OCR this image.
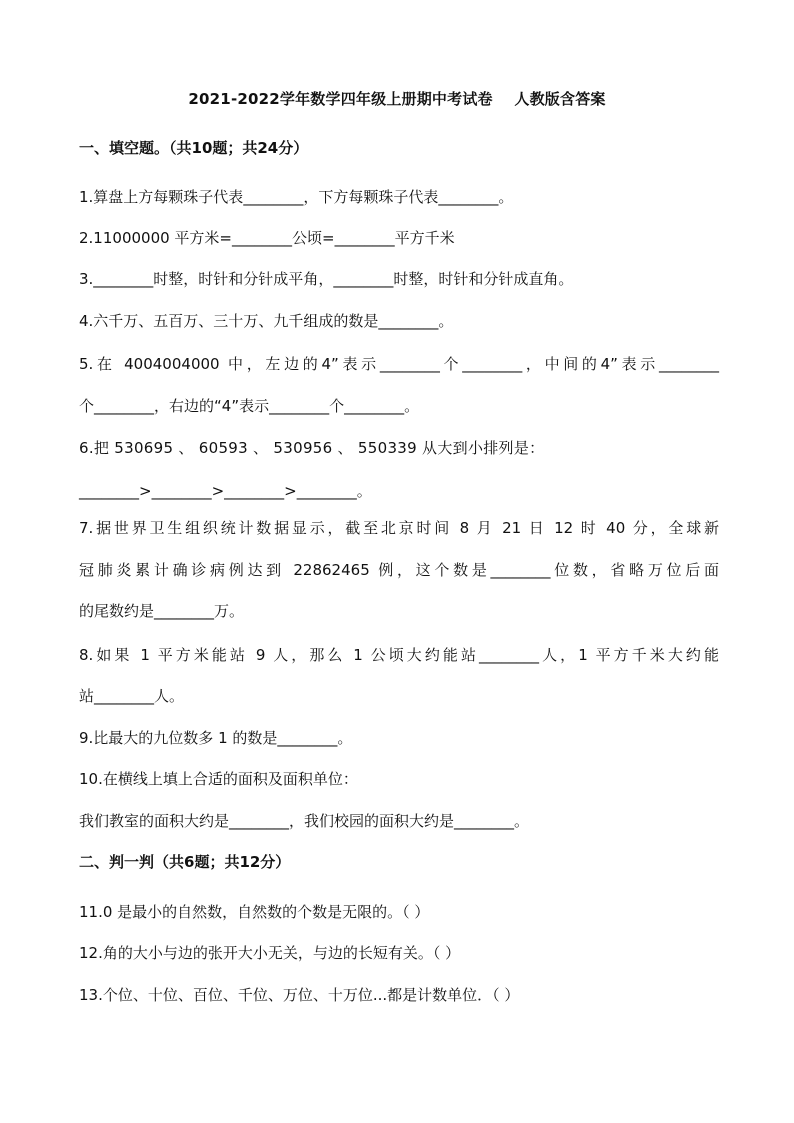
2021-2022学年数学四年级上册期中考试卷    人教版含答案
一、填空题。（共10题；共24分）
1.算盘上方每颗珠子代表________，下方每颗珠子代表________。
2.11000000 平方米=________公顷=________平方千米
3.________时整，时针和分针成平角，________时整，时针和分针成直角。
4.六千万、五百万、三十万、九千组成的数是________。
5.在 4004004000 中，左边的4”表示________个________，中间的4”表示________
个________，右边的“4”表示________个________。
6.把 530695 、 60593 、 530956 、 550339 从大到小排列是：
________>________>________>________。
7.据世界卫生组织统计数据显示，截至北京时间 8 月 21 日 12 时 40 分，全球新
冠肺炎累计确诊病例达到 22862465 例，这个数是________位数，省略万位后面
的尾数约是________万。
8.如果 1 平方米能站 9 人，那么 1 公顷大约能站________人，1 平方千米大约能
站________人。
9.比最大的九位数多 1 的数是________。
10.在横线上填上合适的面积及面积单位：
我们教室的面积大约是________，我们校园的面积大约是________。
二、判一判（共6题；共12分）
11.0 是最小的自然数，自然数的个数是无限的。（ ）
12.角的大小与边的张开大小无关，与边的长短有关。（ ）
13.个位、十位、百位、千位、万位、十万位...都是计数单位．（ ）
